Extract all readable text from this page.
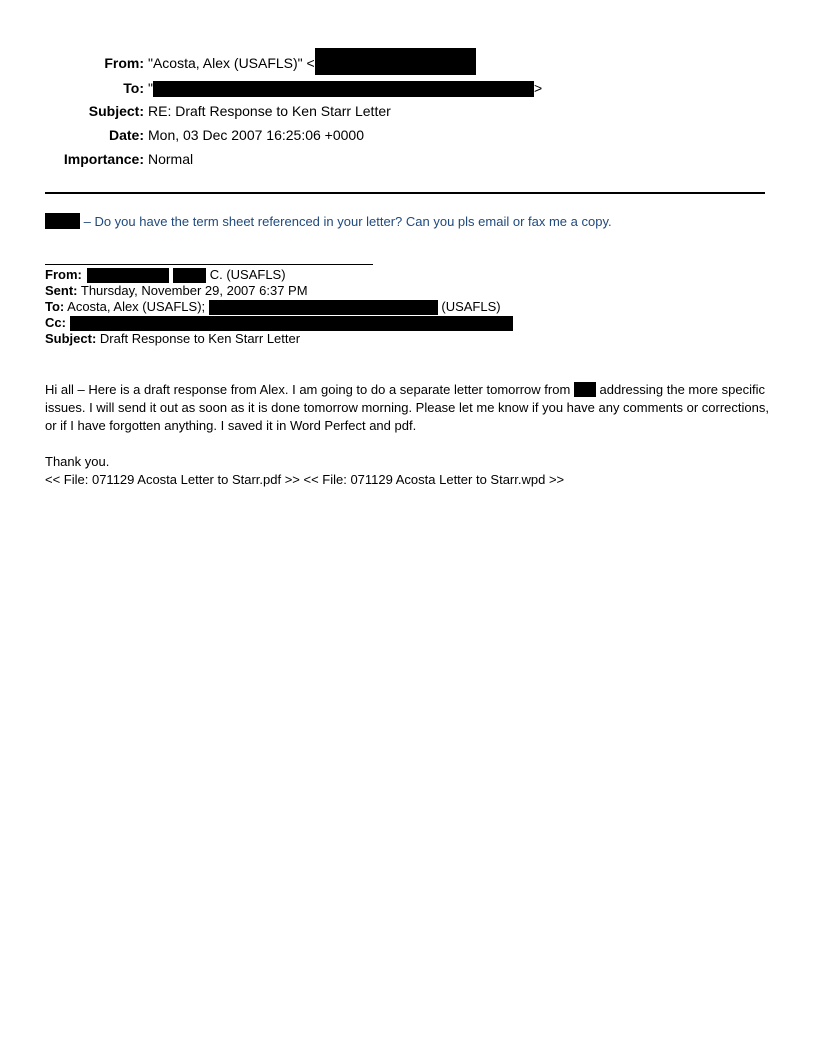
From: "Acosta, Alex (USAFLS)" <
To: "	>
Subject: RE: Draft Response to Ken Starr Letter
Date: Mon, 03 Dec 2007 16:25:06 +0000
Importance: Normal
– Do you have the term sheet referenced in your letter? Can you pls email or fax me a copy.
From:	C. (USAFLS)
Sent: Thursday, November 29, 2007 6:37 PM
To: Acosta, Alex (USAFLS);	(USAFLS)
Cc:
Subject: Draft Response to Ken Starr Letter
Hi all – Here is a draft response from Alex. I am going to do a separate letter tomorrow from  addressing the more specific issues. I will send it out as soon as it is done tomorrow morning. Please let me know if you have any comments or corrections, or if I have forgotten anything. I saved it in Word Perfect and pdf.
Thank you.
<< File: 071129 Acosta Letter to Starr.pdf >> << File: 071129 Acosta Letter to Starr.wpd >>
